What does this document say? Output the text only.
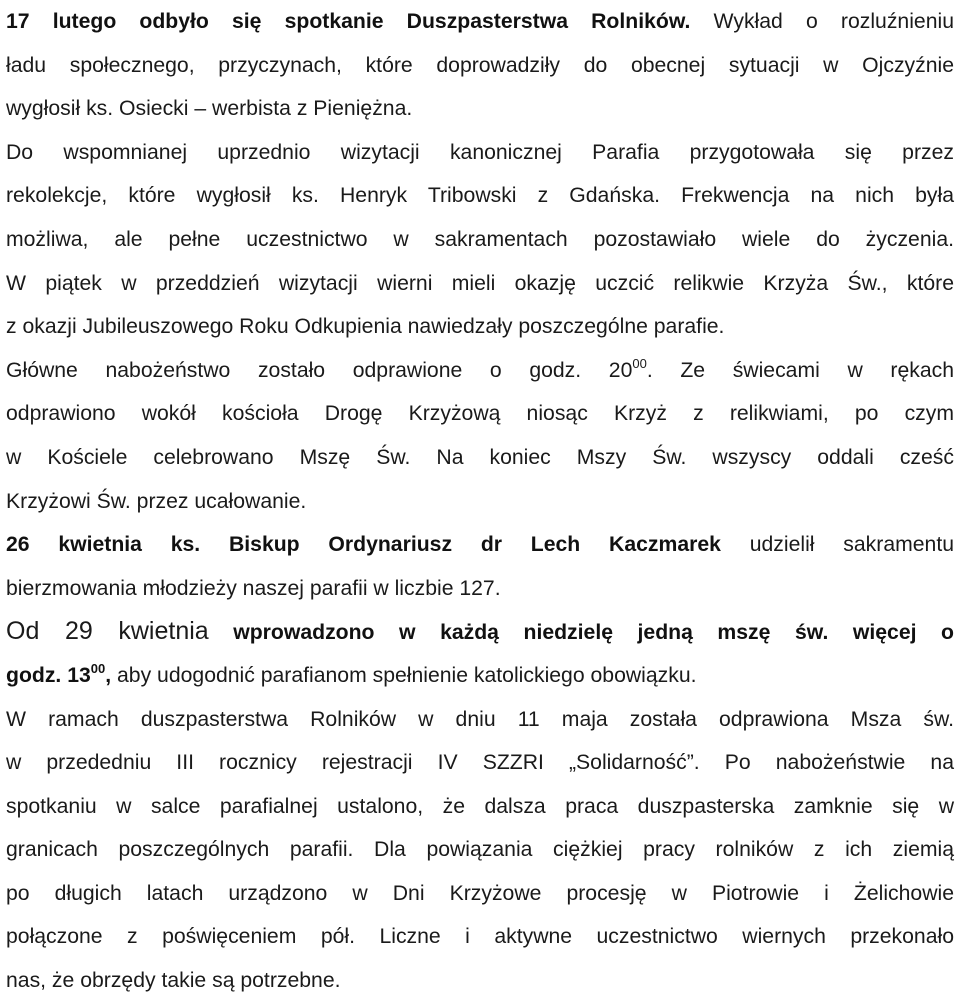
17 lutego odbyło się spotkanie Duszpasterstwa Rolników. Wykład o rozluźnieniu
ładu społecznego, przyczynach, które doprowadziły do obecnej sytuacji w Ojczyźnie
wygłosił ks. Osiecki – werbista z Pieniężna.
Do wspomnianej uprzednio wizytacji kanonicznej Parafia przygotowała się przez
rekolekcje, które wygłosił ks. Henryk Tribowski z Gdańska. Frekwencja na nich była
możliwa, ale pełne uczestnictwo w sakramentach pozostawiało wiele do życzenia.
W piątek w przeddzień wizytacji wierni mieli okazję uczcić relikwie Krzyża Św., które
z okazji Jubileuszowego Roku Odkupienia nawiedzały poszczególne parafie.
Główne nabożeństwo zostało odprawione o godz. $20^{00}$. Ze świecami w rękach
odprawiono wokół kościoła Drogę Krzyżową niosąc Krzyż z relikwiami, po czym
w Kościele celebrowano Mszę Św. Na koniec Mszy Św. wszyscy oddali cześć
Krzyżowi Św. przez ucałowanie.
26 kwietnia ks. Biskup Ordynariusz dr Lech Kaczmarek udzielił sakramentu
bierzmowania młodzieży naszej parafii w liczbie 127.
Od 29 kwietnia wprowadzono w każdą niedzielę jedną mszę św. więcej o
godz. $13^{00}$, aby udogodnić parafianom spełnienie katolickiego obowiązku.
W ramach duszpasterstwa Rolników w dniu 11 maja została odprawiona Msza św.
w przededniu III rocznicy rejestracji IV SZZRI „Solidarność”. Po nabożeństwie na
spotkaniu w salce parafialnej ustalono, że dalsza praca duszpasterska zamknie się w
granicach poszczególnych parafii. Dla powiązania ciężkiej pracy rolników z ich ziemią
po długich latach urządzono w Dni Krzyżowe procesję w Piotrowie i Żelichowie
połączone z poświęceniem pół. Liczne i aktywne uczestnictwo wiernych przekonało
nas, że obrzędy takie są potrzebne.
